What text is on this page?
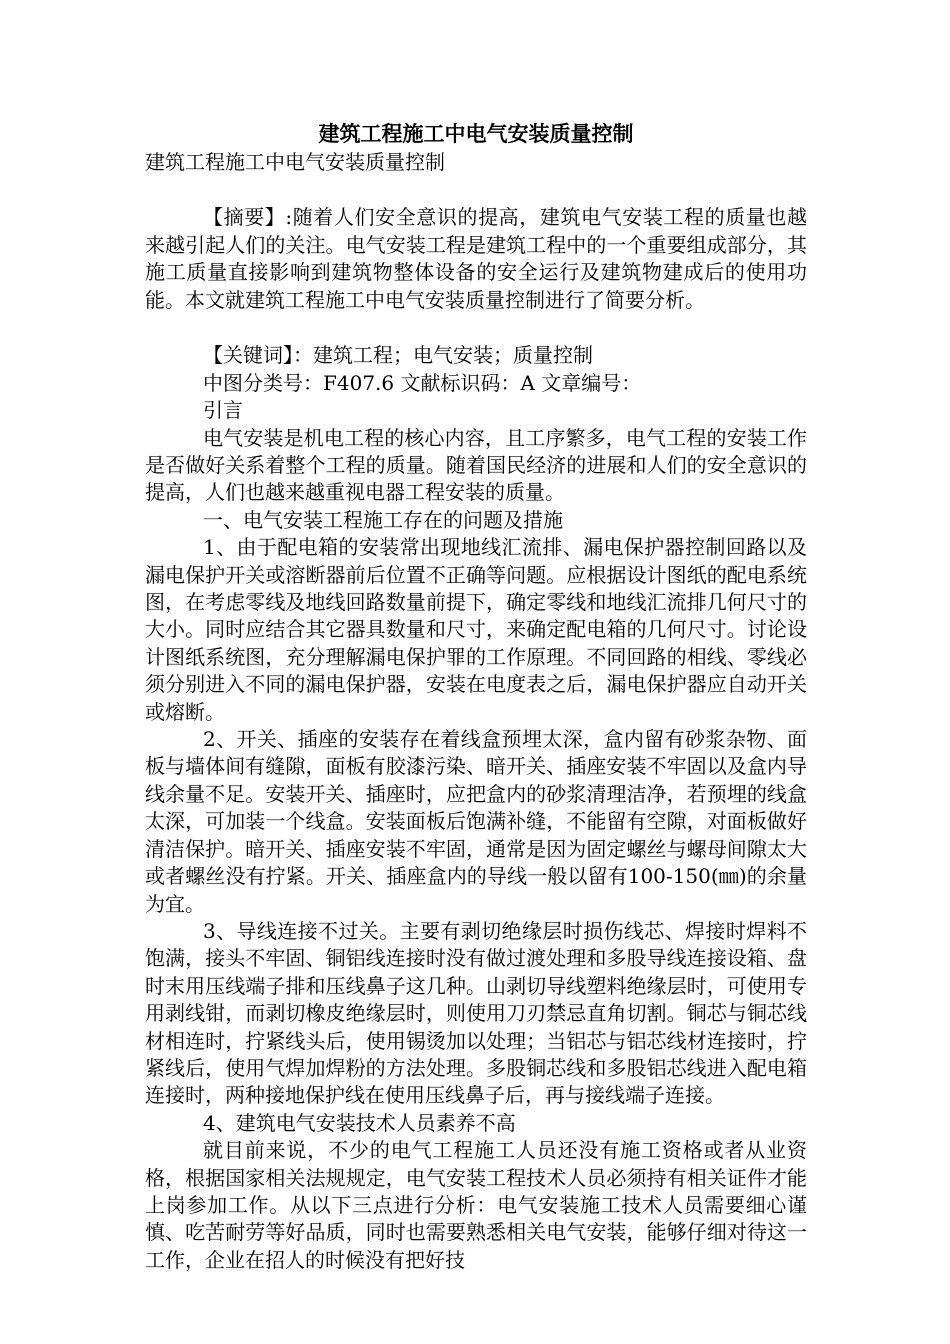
建筑工程施工中电气安装质量控制

建筑工程施工中电气安装质量控制

【摘要】:随着人们安全意识的提高，建筑电气安装工程的质量也越来越引起人们的关注。电气安装工程是建筑工程中的一个重要组成部分，其施工质量直接影响到建筑物整体设备的安全运行及建筑物建成后的使用功能。本文就建筑工程施工中电气安装质量控制进行了简要分析。

【关键词】：建筑工程；电气安装；质量控制

中图分类号：F407.6 文献标识码：A 文章编号：

引言

电气安装是机电工程的核心内容，且工序繁多，电气工程的安装工作是否做好关系着整个工程的质量。随着国民经济的进展和人们的安全意识的提高，人们也越来越重视电器工程安装的质量。

一、电气安装工程施工存在的问题及措施

1、由于配电箱的安装常出现地线汇流排、漏电保护器控制回路以及漏电保护开关或溶断器前后位置不正确等问题。应根据设计图纸的配电系统图，在考虑零线及地线回路数量前提下，确定零线和地线汇流排几何尺寸的大小。同时应结合其它器具数量和尺寸，来确定配电箱的几何尺寸。讨论设计图纸系统图，充分理解漏电保护罪的工作原理。不同回路的相线、零线必须分别进入不同的漏电保护器，安装在电度表之后，漏电保护器应自动开关或熔断。

2、开关、插座的安装存在着线盒预埋太深，盒内留有砂浆杂物、面板与墙体间有缝隙，面板有胶漆污染、暗开关、插座安装不牢固以及盒内导线余量不足。安装开关、插座时，应把盒内的砂浆清理洁净，若预埋的线盒太深，可加装一个线盒。安装面板后饱满补缝，不能留有空隙，对面板做好清洁保护。暗开关、插座安装不牢固，通常是因为固定螺丝与螺母间隙太大或者螺丝没有拧紧。开关、插座盒内的导线一般以留有100-150(㎜)的余量为宜。

3、导线连接不过关。主要有剥切绝缘层时损伤线芯、焊接时焊料不饱满，接头不牢固、铜铝线连接时没有做过渡处理和多股导线连接设箱、盘时末用压线端子排和压线鼻子这几种。山剥切导线塑料绝缘层时，可使用专用剥线钳，而剥切橡皮绝缘层时，则使用刀刃禁忌直角切割。铜芯与铜芯线材相连时，拧紧线头后，使用锡烫加以处理；当铝芯与铝芯线材连接时，拧紧线后，使用气焊加焊粉的方法处理。多股铜芯线和多股铝芯线进入配电箱连接时，两种接地保护线在使用压线鼻子后，再与接线端子连接。

4、建筑电气安装技术人员素养不高

就目前来说，不少的电气工程施工人员还没有施工资格或者从业资格，根据国家相关法规规定，电气安装工程技术人员必须持有相关证件才能上岗参加工作。从以下三点进行分析：电气安装施工技术人员需要细心谨慎、吃苦耐劳等好品质，同时也需要熟悉相关电气安装，能够仔细对待这一工作，企业在招人的时候没有把好技
